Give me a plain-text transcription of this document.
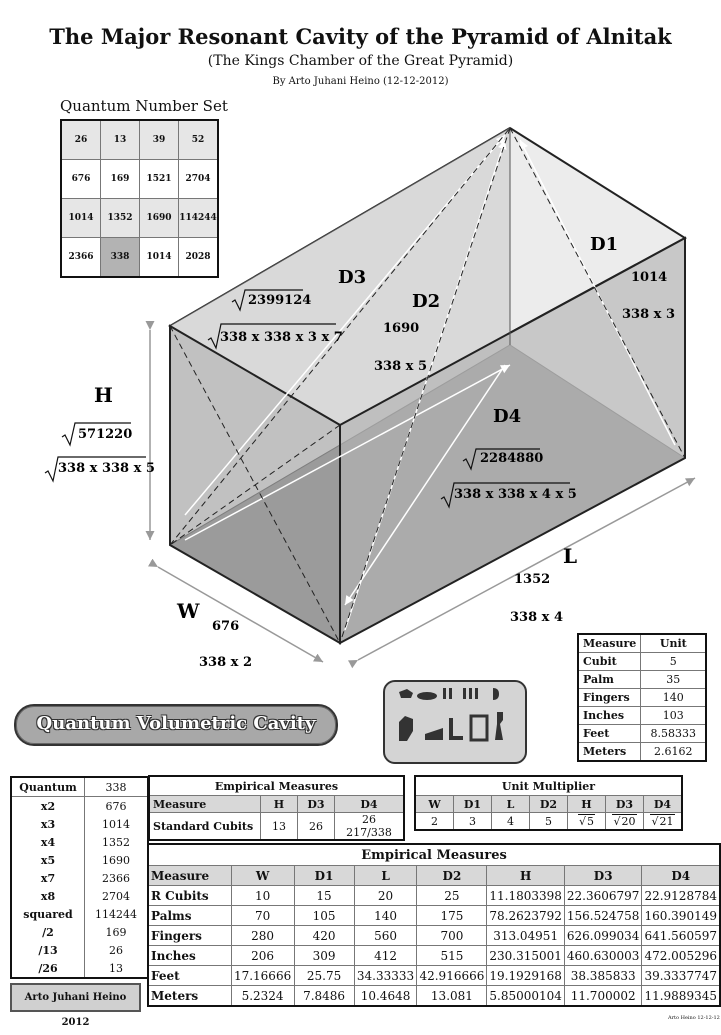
The Major Resonant Cavity of the Pyramid of Alnitak
(The Kings Chamber of the Great Pyramid)
By Arto Juhani Heino (12-12-2012)
Quantum Number Set
26	13	39	52
676	169	1521	2704
1014	1352	1690	114244
2366	338	1014	2028
D3
2399124
338 x 338 x 3 x 7
D2
1690
338 x 5
D1
1014
338 x 3
D4
2284880
338 x 338 x 4 x 5
H
571220
338 x 338 x 5
W
676
338 x 2
L
1352
338 x 4
Quantum Volumetric Cavity
Measure	Unit
Cubit	5
Palm	35
Fingers	140
Inches	103
Feet	8.58333
Meters	2.6162
Quantum	338
x2	676
x3	1014
x4	1352
x5	1690
x7	2366
x8	2704
squared	114244
/2	169
/13	26
/26	13
Arto Juhani Heino 2012
Empirical Measures			
Measure	H	D3	D4
Standard Cubits	13	26	26 217/338
Unit Multiplier						
W	D1	L	D2	H	D3	D4
2	3	4	5	√ 5	√ 20	√ 21
Empirical Measures							
Measure	W	D1	L	D2	H	D3	D4
R Cubits	10	15	20	25	11.1803398	22.3606797	22.9128784
Palms	70	105	140	175	78.2623792	156.524758	160.390149
Fingers	280	420	560	700	313.04951	626.099034	641.560597
Inches	206	309	412	515	230.315001	460.630003	472.005296
Feet	17.16666	25.75	34.33333	42.916666	19.1929168	38.385833	39.3337747
Meters	5.2324	7.8486	10.4648	13.081	5.85000104	11.700002	11.9889345
Arto Heino 12-12-12
